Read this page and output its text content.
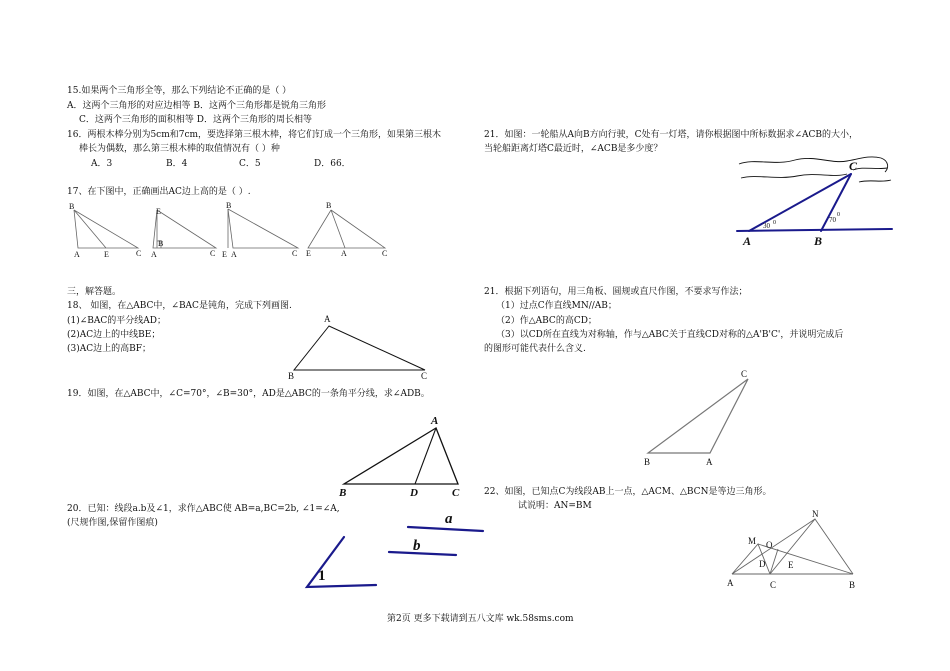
15.如果两个三角形全等，那么下列结论不正确的是（ ）
A．这两个三角形的对应边相等 B．这两个三角形都是锐角三角形
C．这两个三角形的面积相等 D．这两个三角形的周长相等
16．两根木棒分别为5cm和7cm，要选择第三根木棒，将它们钉成一个三角形，如果第三根木
棒长为偶数，那么第三根木棒的取值情况有（ ）种
A．3	B．4	C．5	D．66．
17、在下图中，正确画出AC边上高的是（ ）.
B
A	E	C
E
A
B
C
B
A
E	C
B
E	A	C
三，解答题。
18、 如图，在△ABC中，∠BAC是钝角，完成下列画图.
(1)∠BAC的平分线AD；
(2)AC边上的中线BE；
(3)AC边上的高BF；
A
B	C
19．如图，在△ABC中，∠C=70°，∠B=30°，AD是△ABC的一条角平分线，求∠ADB。
A
B	D	C
20．已知：线段a.b及∠1，求作△ABC使 AB=a,BC=2b, ∠1=∠A,
(尺规作图,保留作图痕)	a
b
1
21．如图：一轮船从A向B方向行驶，C处有一灯塔，请你根据图中所标数据求∠ACB的大小，
当轮船距离灯塔C最近时，∠ACB是多少度？
C
A	B
30 0	70
0
21．根据下列语句，用三角板、圆规或直尺作图，不要求写作法；
（1）过点C作直线MN//AB；
（2）作△ABC的高CD；
（3）以CD所在直线为对称轴，作与△ABC关于直线CD对称的△A'B'C'，并说明完成后
的图形可能代表什么含义.
C
B	A
22、如图，已知点C为线段AB上一点，△ACM、△BCN是等边三角形。
试说明：AN=BM
N
M O
D	E
A	C	B
第2页 更多下载请到五八文库 wk.58sms.com
